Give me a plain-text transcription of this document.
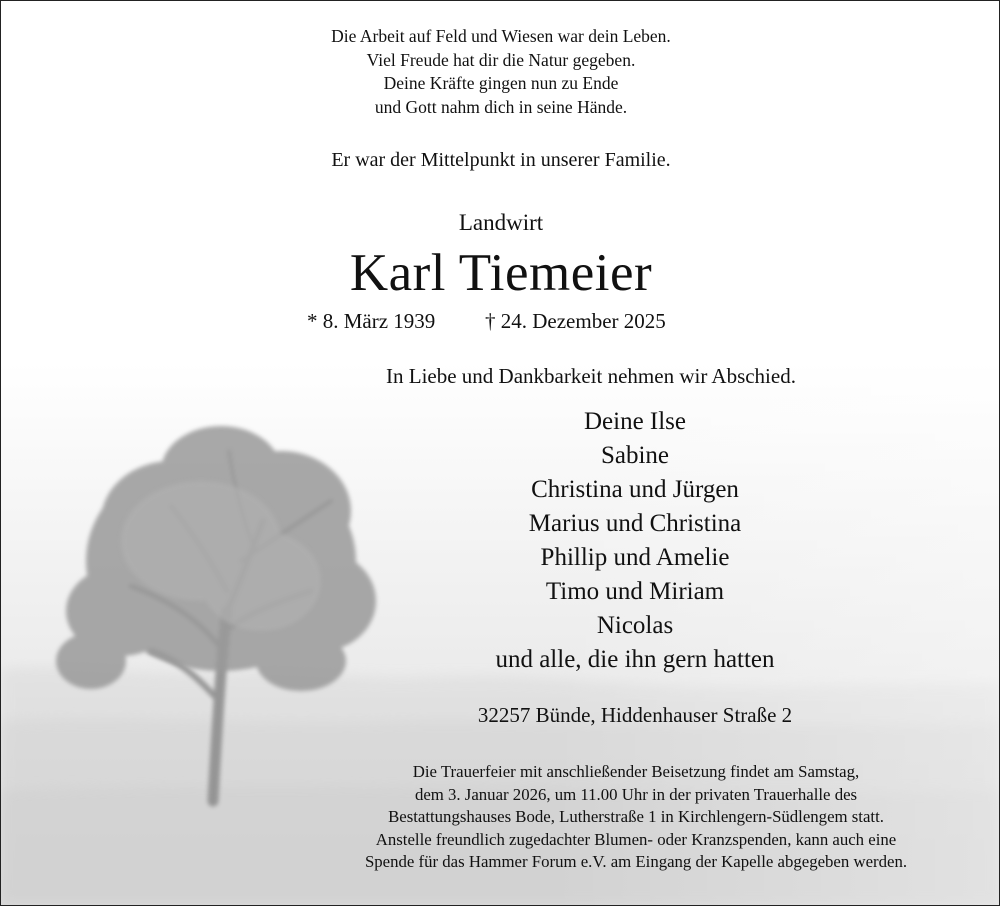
Die Arbeit auf Feld und Wiesen war dein Leben.
Viel Freude hat dir die Natur gegeben.
Deine Kräfte gingen nun zu Ende
und Gott nahm dich in seine Hände.
Er war der Mittelpunkt in unserer Familie.
Landwirt
Karl Tiemeier
* 8. März 1939 † 24. Dezember 2025
In Liebe und Dankbarkeit nehmen wir Abschied.
Deine Ilse
Sabine
Christina und Jürgen
Marius und Christina
Phillip und Amelie
Timo und Miriam
Nicolas
und alle, die ihn gern hatten
32257 Bünde, Hiddenhauser Straße 2
Die Trauerfeier mit anschließender Beisetzung findet am Samstag,
dem 3. Januar 2026, um 11.00 Uhr in der privaten Trauerhalle des
Bestattungshauses Bode, Lutherstraße 1 in Kirchlengern-Südlengem statt.
Anstelle freundlich zugedachter Blumen- oder Kranzspenden, kann auch eine
Spende für das Hammer Forum e.V. am Eingang der Kapelle abgegeben werden.
